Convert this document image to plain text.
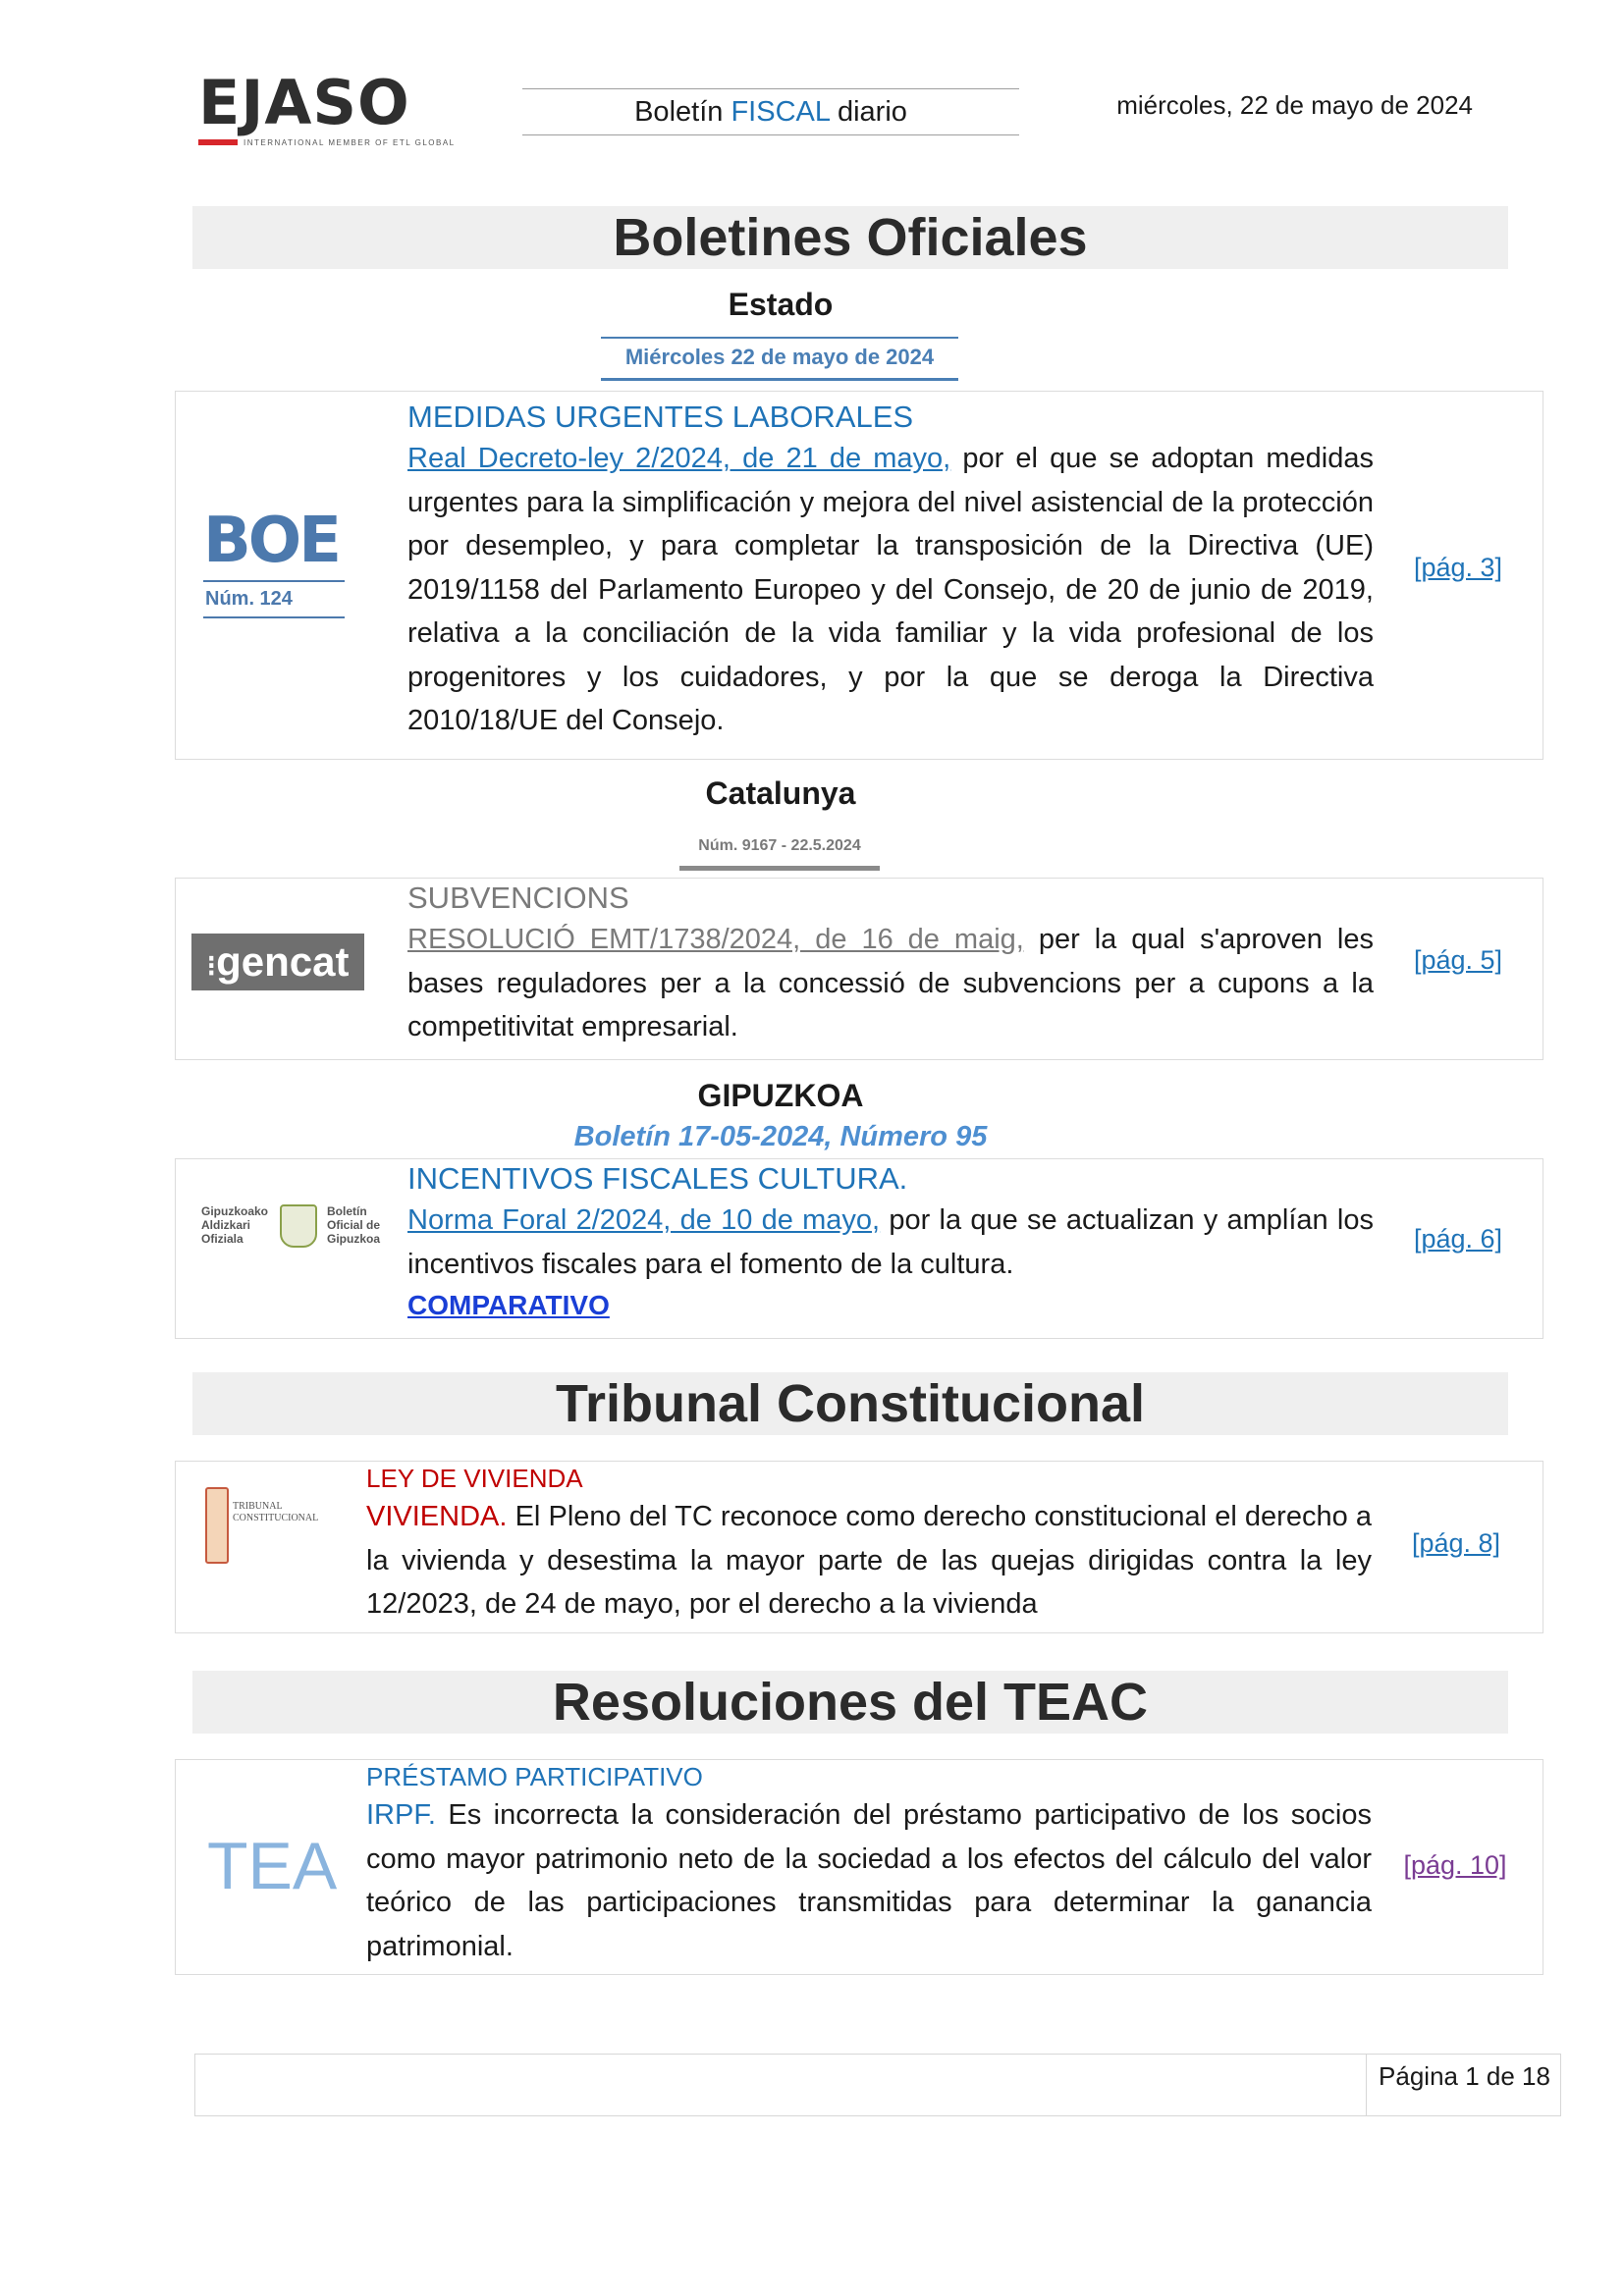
EJASO
INTERNATIONAL MEMBER OF ETL GLOBAL
Boletín FISCAL diario	miércoles, 22 de mayo de 2024
Boletines Oficiales
Estado
Miércoles 22 de mayo de 2024
BOE
Núm. 124
MEDIDAS URGENTES LABORALES
Real Decreto-ley 2/2024, de 21 de mayo, por el que se adoptan medidas urgentes para la simplificación y mejora del nivel asistencial de la protección por desempleo, y para completar la transposición de la Directiva (UE) 2019/1158 del Parlamento Europeo y del Consejo, de 20 de junio de 2019, relativa a la conciliación de la vida familiar y la vida profesional de los progenitores y los cuidadores, y por la que se deroga la Directiva 2010/18/UE del Consejo.
[pág. 3]
Catalunya
Núm. 9167 - 22.5.2024
⁝gencat
SUBVENCIONS
RESOLUCIÓ EMT/1738/2024, de 16 de maig, per la qual s'aproven les bases reguladores per a la concessió de subvencions per a cupons a la competitivitat empresarial.
[pág. 5]
GIPUZKOA
Boletín 17-05-2024, Número 95
Gipuzkoako Aldizkari Ofiziala
Boletín Oficial de Gipuzkoa
INCENTIVOS FISCALES CULTURA.
Norma Foral 2/2024, de 10 de mayo, por la que se actualizan y amplían los incentivos fiscales para el fomento de la cultura.
COMPARATIVO
[pág. 6]
Tribunal Constitucional
TRIBUNAL CONSTITUCIONAL
LEY DE VIVIENDA
VIVIENDA. El Pleno del TC reconoce como derecho constitucional el derecho a la vivienda y desestima la mayor parte de las quejas dirigidas contra la ley 12/2023, de 24 de mayo, por el derecho a la vivienda
[pág. 8]
Resoluciones del TEAC
TEA
PRÉSTAMO PARTICIPATIVO
IRPF. Es incorrecta la consideración del préstamo participativo de los socios como mayor patrimonio neto de la sociedad a los efectos del cálculo del valor teórico de las participaciones transmitidas para determinar la ganancia patrimonial.
[pág. 10]
Página 1 de 18
